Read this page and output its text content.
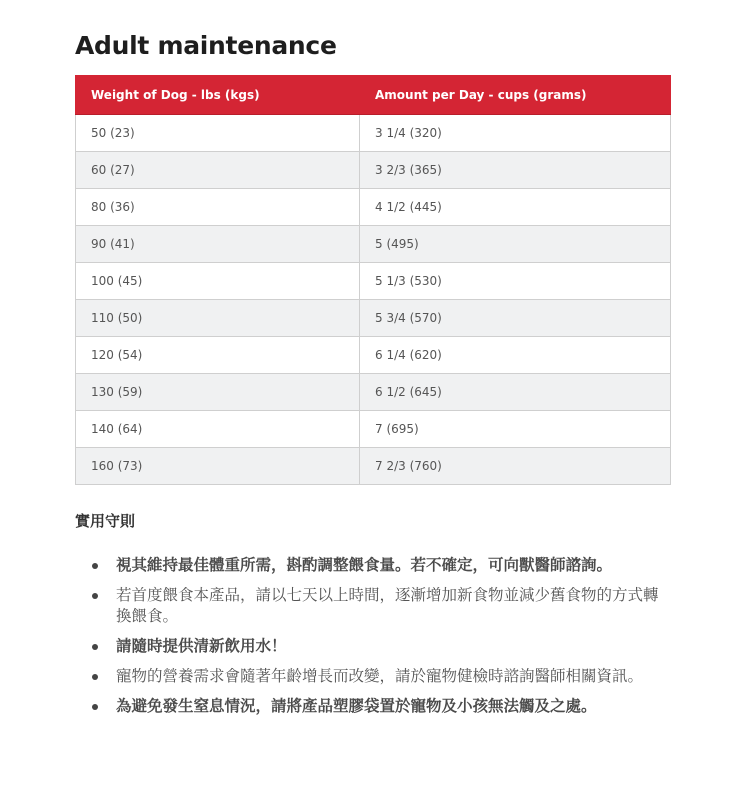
Adult maintenance
Weight of Dog - lbs (kgs)	Amount per Day - cups (grams)
50 (23)	3 1/4 (320)
60 (27)	3 2/3 (365)
80 (36)	4 1/2 (445)
90 (41)	5 (495)
100 (45)	5 1/3 (530)
110 (50)	5 3/4 (570)
120 (54)	6 1/4 (620)
130 (59)	6 1/2 (645)
140 (64)	7 (695)
160 (73)	7 2/3 (760)
實用守則
視其維持最佳體重所需，斟酌調整餵食量。若不確定，可向獸醫師諮詢。
若首度餵食本產品，請以七天以上時間，逐漸增加新食物並減少舊食物的方式轉換餵食。
請隨時提供清新飲用水！
寵物的營養需求會隨著年齡增長而改變，請於寵物健檢時諮詢醫師相關資訊。
為避免發生窒息情況，請將產品塑膠袋置於寵物及小孩無法觸及之處。
